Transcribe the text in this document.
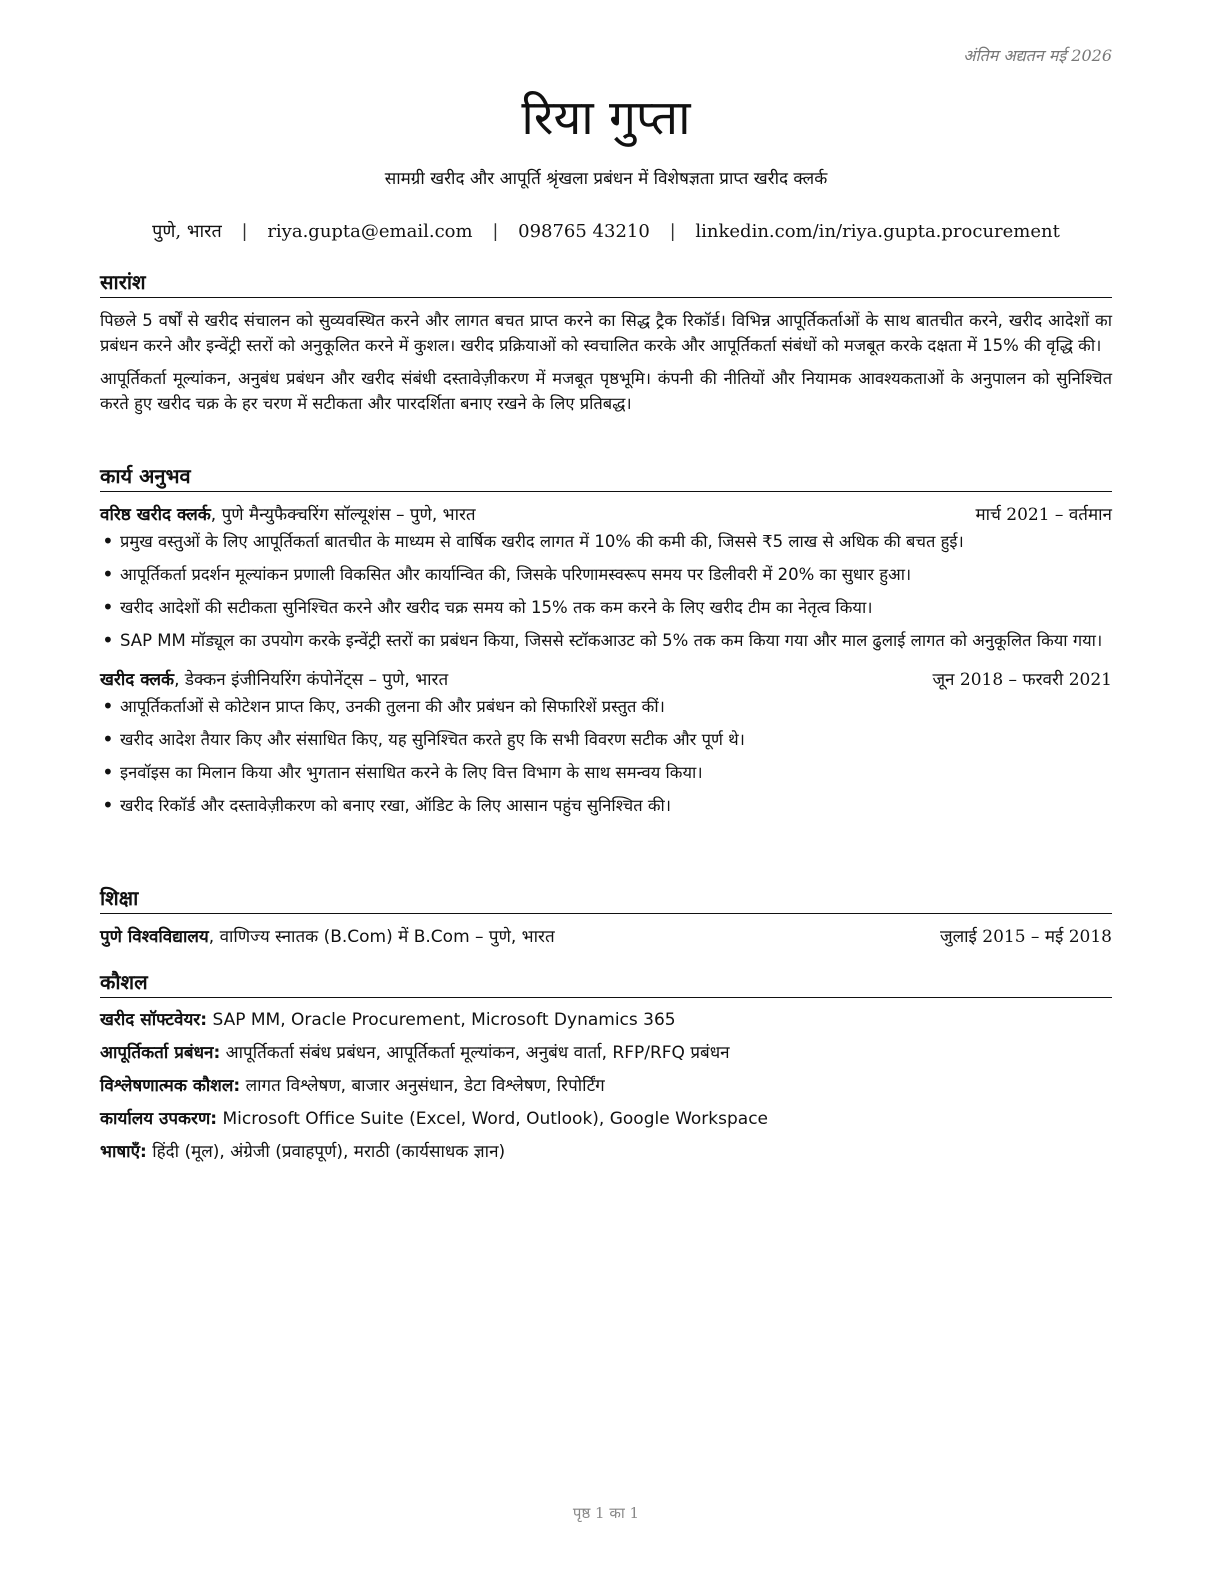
अंतिम अद्यतन मई 2026
रिया गुप्ता
सामग्री खरीद और आपूर्ति श्रृंखला प्रबंधन में विशेषज्ञता प्राप्त खरीद क्लर्क
पुणे, भारत | riya.gupta@email.com | 098765 43210 | linkedin.com/in/riya.gupta.procurement
सारांश

पिछले 5 वर्षों से खरीद संचालन को सुव्यवस्थित करने और लागत बचत प्राप्त करने का सिद्ध ट्रैक रिकॉर्ड। विभिन्न आपूर्तिकर्ताओं के साथ बातचीत करने, खरीद आदेशों का प्रबंधन करने और इन्वेंट्री स्तरों को अनुकूलित करने में कुशल। खरीद प्रक्रियाओं को स्वचालित करके और आपूर्तिकर्ता संबंधों को मजबूत करके दक्षता में 15% की वृद्धि की।

आपूर्तिकर्ता मूल्यांकन, अनुबंध प्रबंधन और खरीद संबंधी दस्तावेज़ीकरण में मजबूत पृष्ठभूमि। कंपनी की नीतियों और नियामक आवश्यकताओं के अनुपालन को सुनिश्चित करते हुए खरीद चक्र के हर चरण में सटीकता और पारदर्शिता बनाए रखने के लिए प्रतिबद्ध।

कार्य अनुभव
वरिष्ठ खरीद क्लर्क, पुणे मैन्युफैक्चरिंग सॉल्यूशंस – पुणे, भारत	मार्च 2021 – वर्तमान
• प्रमुख वस्तुओं के लिए आपूर्तिकर्ता बातचीत के माध्यम से वार्षिक खरीद लागत में 10% की कमी की, जिससे ₹5 लाख से अधिक की बचत हुई।
• आपूर्तिकर्ता प्रदर्शन मूल्यांकन प्रणाली विकसित और कार्यान्वित की, जिसके परिणामस्वरूप समय पर डिलीवरी में 20% का सुधार हुआ।
• खरीद आदेशों की सटीकता सुनिश्चित करने और खरीद चक्र समय को 15% तक कम करने के लिए खरीद टीम का नेतृत्व किया।
• SAP MM मॉड्यूल का उपयोग करके इन्वेंट्री स्तरों का प्रबंधन किया, जिससे स्टॉकआउट को 5% तक कम किया गया और माल ढुलाई लागत को अनुकूलित किया गया।
खरीद क्लर्क, डेक्कन इंजीनियरिंग कंपोनेंट्स – पुणे, भारत	जून 2018 – फरवरी 2021
• आपूर्तिकर्ताओं से कोटेशन प्राप्त किए, उनकी तुलना की और प्रबंधन को सिफारिशें प्रस्तुत कीं।
• खरीद आदेश तैयार किए और संसाधित किए, यह सुनिश्चित करते हुए कि सभी विवरण सटीक और पूर्ण थे।
• इनवॉइस का मिलान किया और भुगतान संसाधित करने के लिए वित्त विभाग के साथ समन्वय किया।
• खरीद रिकॉर्ड और दस्तावेज़ीकरण को बनाए रखा, ऑडिट के लिए आसान पहुंच सुनिश्चित की।
शिक्षा
पुणे विश्वविद्यालय, वाणिज्य स्नातक (B.Com) में B.Com – पुणे, भारत	जुलाई 2015 – मई 2018
कौशल
खरीद सॉफ्टवेयर: SAP MM, Oracle Procurement, Microsoft Dynamics 365
आपूर्तिकर्ता प्रबंधन: आपूर्तिकर्ता संबंध प्रबंधन, आपूर्तिकर्ता मूल्यांकन, अनुबंध वार्ता, RFP/RFQ प्रबंधन
विश्लेषणात्मक कौशल: लागत विश्लेषण, बाजार अनुसंधान, डेटा विश्लेषण, रिपोर्टिंग
कार्यालय उपकरण: Microsoft Office Suite (Excel, Word, Outlook), Google Workspace
भाषाएँ: हिंदी (मूल), अंग्रेजी (प्रवाहपूर्ण), मराठी (कार्यसाधक ज्ञान)
पृष्ठ 1 का 1
